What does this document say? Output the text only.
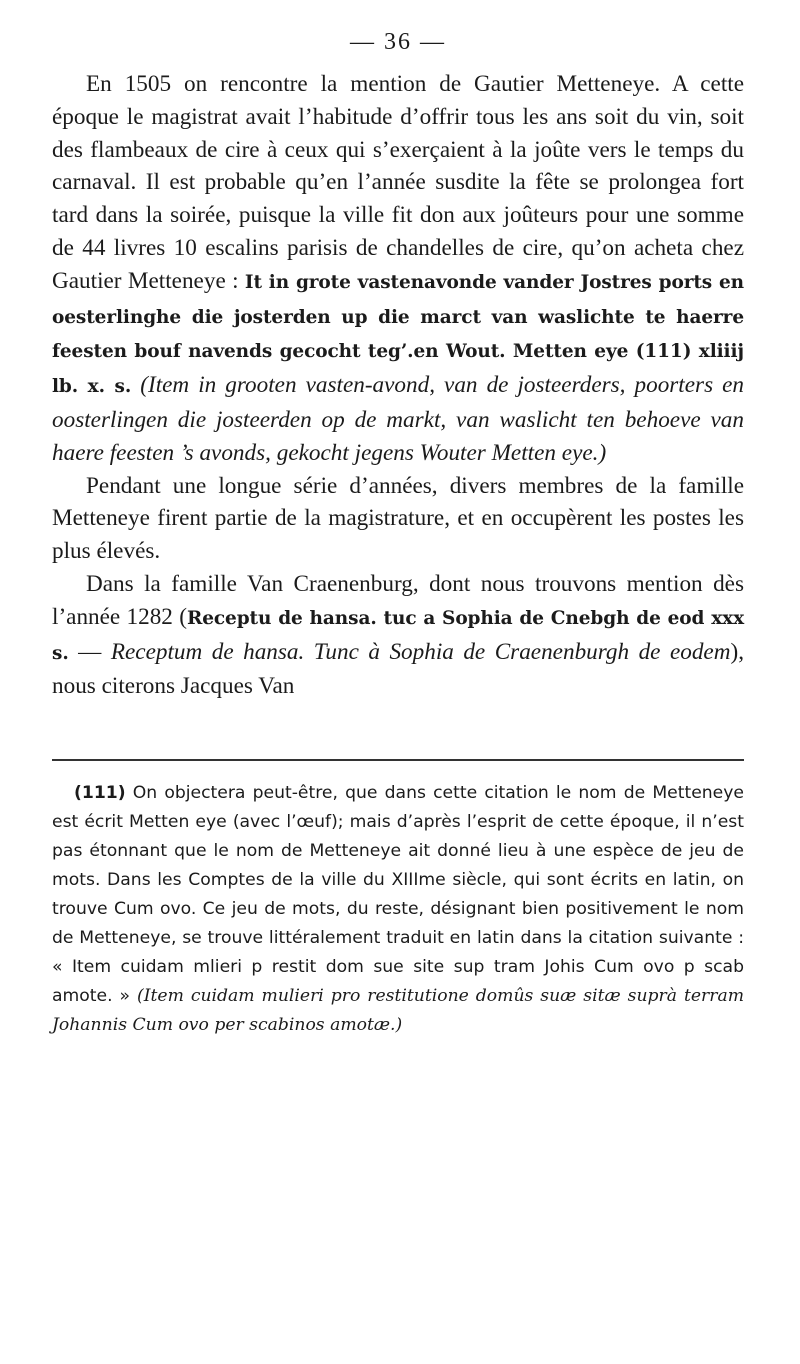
— 36 —

En 1505 on rencontre la mention de Gautier Metteneye. A cette époque le magistrat avait l’habitude d’offrir tous les ans soit du vin, soit des flambeaux de cire à ceux qui s’exerçaient à la joûte vers le temps du carnaval. Il est probable qu’en l’année susdite la fête se prolongea fort tard dans la soirée, puisque la ville fit don aux joûteurs pour une somme de 44 livres 10 escalins parisis de chandelles de cire, qu’on acheta chez Gautier Metteneye : It in grote vastenavonde vander Jostres ports en oesterlinghe die josterden up die marct van waslichte te haerre feesten bouf navends gecocht teg’.en Wout. Metten eye (111) xliiij lb. x. s. (Item in grooten vasten-avond, van de josteerders, poorters en oosterlingen die josteerden op de markt, van waslicht ten behoeve van haere feesten ’s avonds, gekocht jegens Wouter Metten eye.)

Pendant une longue série d’années, divers membres de la famille Metteneye firent partie de la magistrature, et en occupèrent les postes les plus élevés.

Dans la famille Van Craenenburg, dont nous trouvons mention dès l’année 1282 (Receptu de hansa. tuc a Sophia de Cnebgh de eod xxx s. — Receptum de hansa. Tunc à Sophia de Craenenburgh de eodem), nous citerons Jacques Van

(111) On objectera peut-être, que dans cette citation le nom de Metteneye est écrit Metten eye (avec l’œuf); mais d’après l’esprit de cette époque, il n’est pas étonnant que le nom de Metteneye ait donné lieu à une espèce de jeu de mots. Dans les Comptes de la ville du XIIIme siècle, qui sont écrits en latin, on trouve Cum ovo. Ce jeu de mots, du reste, désignant bien positivement le nom de Metteneye, se trouve littéralement traduit en latin dans la citation suivante : « Item cuidam mlieri p restit dom sue site sup tram Johis Cum ovo p scab amote. » (Item cuidam mulieri pro restitutione domûs suæ sitæ suprà terram Johannis Cum ovo per scabinos amotæ.)
